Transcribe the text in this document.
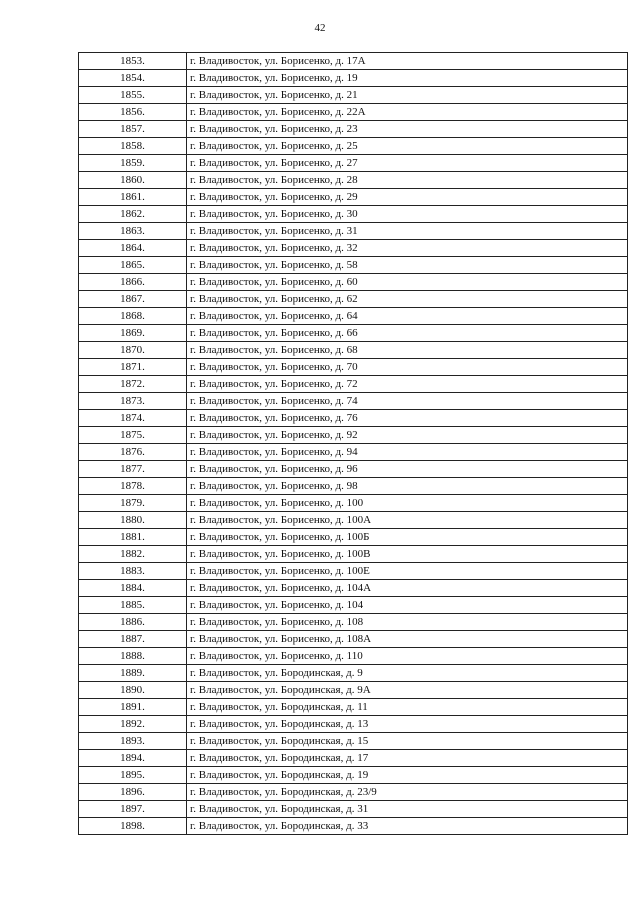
42
1853.	г. Владивосток, ул. Борисенко, д. 17А
1854.	г. Владивосток, ул. Борисенко, д. 19
1855.	г. Владивосток, ул. Борисенко, д. 21
1856.	г. Владивосток, ул. Борисенко, д. 22А
1857.	г. Владивосток, ул. Борисенко, д. 23
1858.	г. Владивосток, ул. Борисенко, д. 25
1859.	г. Владивосток, ул. Борисенко, д. 27
1860.	г. Владивосток, ул. Борисенко, д. 28
1861.	г. Владивосток, ул. Борисенко, д. 29
1862.	г. Владивосток, ул. Борисенко, д. 30
1863.	г. Владивосток, ул. Борисенко, д. 31
1864.	г. Владивосток, ул. Борисенко, д. 32
1865.	г. Владивосток, ул. Борисенко, д. 58
1866.	г. Владивосток, ул. Борисенко, д. 60
1867.	г. Владивосток, ул. Борисенко, д. 62
1868.	г. Владивосток, ул. Борисенко, д. 64
1869.	г. Владивосток, ул. Борисенко, д. 66
1870.	г. Владивосток, ул. Борисенко, д. 68
1871.	г. Владивосток, ул. Борисенко, д. 70
1872.	г. Владивосток, ул. Борисенко, д. 72
1873.	г. Владивосток, ул. Борисенко, д. 74
1874.	г. Владивосток, ул. Борисенко, д. 76
1875.	г. Владивосток, ул. Борисенко, д. 92
1876.	г. Владивосток, ул. Борисенко, д. 94
1877.	г. Владивосток, ул. Борисенко, д. 96
1878.	г. Владивосток, ул. Борисенко, д. 98
1879.	г. Владивосток, ул. Борисенко, д. 100
1880.	г. Владивосток, ул. Борисенко, д. 100А
1881.	г. Владивосток, ул. Борисенко, д. 100Б
1882.	г. Владивосток, ул. Борисенко, д. 100В
1883.	г. Владивосток, ул. Борисенко, д. 100Е
1884.	г. Владивосток, ул. Борисенко, д. 104А
1885.	г. Владивосток, ул. Борисенко, д. 104
1886.	г. Владивосток, ул. Борисенко, д. 108
1887.	г. Владивосток, ул. Борисенко, д. 108А
1888.	г. Владивосток, ул. Борисенко, д. 110
1889.	г. Владивосток, ул. Бородинская, д. 9
1890.	г. Владивосток, ул. Бородинская, д. 9А
1891.	г. Владивосток, ул. Бородинская, д. 11
1892.	г. Владивосток, ул. Бородинская, д. 13
1893.	г. Владивосток, ул. Бородинская, д. 15
1894.	г. Владивосток, ул. Бородинская, д. 17
1895.	г. Владивосток, ул. Бородинская, д. 19
1896.	г. Владивосток, ул. Бородинская, д. 23/9
1897.	г. Владивосток, ул. Бородинская, д. 31
1898.	г. Владивосток, ул. Бородинская, д. 33
